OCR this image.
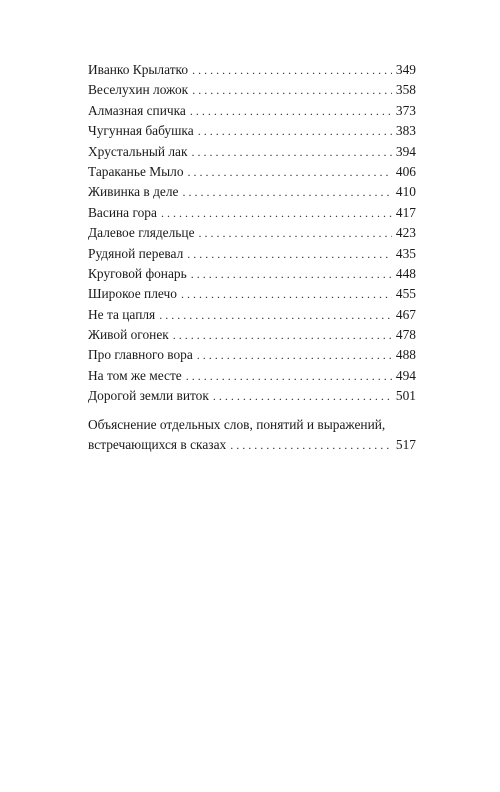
Иванко Крылатко . . .	349
Веселухин ложок . . .	358
Алмазная спичка . . .	373
Чугунная бабушка . . .	383
Хрустальный лак . . .	394
Тараканье Мыло . . .	406
Живинка в деле . . .	410
Васина гора . . .	417
Далевое глядельце . . .	423
Рудяной перевал . . .	435
Круговой фонарь . . .	448
Широкое плечо . . .	455
Не та цапля . . .	467
Живой огонек . . .	478
Про главного вора . . .	488
На том же месте . . .	494
Дорогой земли виток . . .	501
Объяснение отдельных слов, понятий и выражений,
встречающихся в сказах . . .	517
